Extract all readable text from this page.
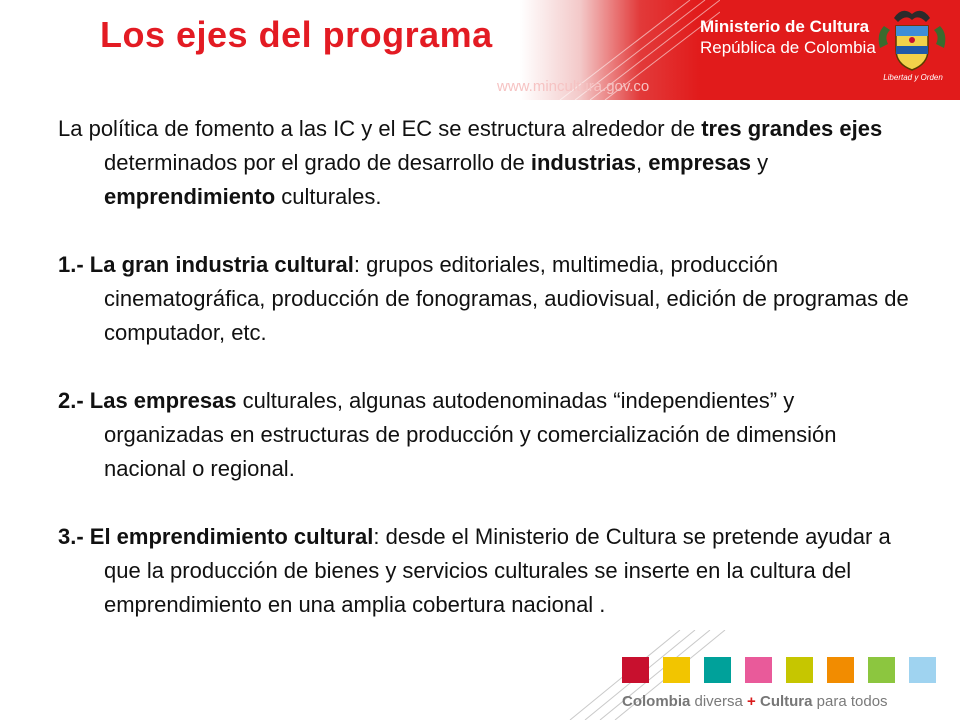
Los ejes del programa
www.mincultura.gov.co
Ministerio de Cultura
República de Colombia
Libertad y Orden

La política de fomento a las IC y el EC se estructura alrededor de tres grandes ejes determinados por el grado de desarrollo de industrias, empresas y emprendimiento culturales.

1.- La gran industria cultural: grupos editoriales, multimedia, producción cinematográfica, producción de fonogramas, audiovisual, edición de programas de computador, etc.

2.- Las empresas culturales, algunas autodenominadas “independientes” y organizadas en estructuras de producción y comercialización de dimensión nacional o regional.

3.- El emprendimiento cultural: desde el Ministerio de Cultura se pretende ayudar a que la producción de bienes y servicios culturales se inserte en la cultura del emprendimiento en una amplia cobertura nacional .

Colombia diversa + Cultura para todos
